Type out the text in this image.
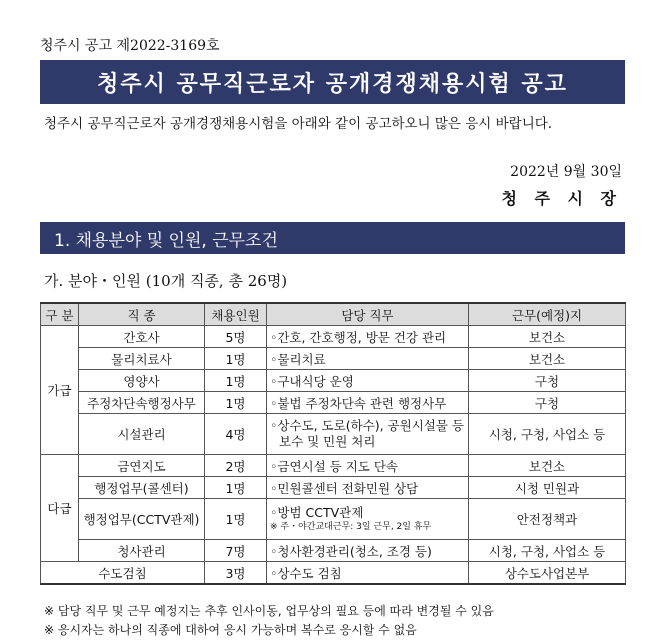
청주시 공고 제2022-3169호
청주시 공무직근로자 공개경쟁채용시험 공고
청주시 공무직근로자 공개경쟁채용시험을 아래와 같이 공고하오니 많은 응시 바랍니다.
2022년 9월 30일
청 주 시 장
1. 채용분야 및 인원, 근무조건
가. 분야・인원 (10개 직종, 총 26명)
구 분	직 종	채용인원	담당 직무	근무(예정)지
가급	간호사	5명	◦간호, 간호행정, 방문 건강 관리	보건소
	물리치료사	1명	◦물리치료	보건소
	영양사	1명	◦구내식당 운영	구청
	주정차단속행정사무	1명	◦불법 주정차단속 관련 행정사무	구청
	시설관리	4명	◦상수도, 도로(하수), 공원시설물 등
보수 및 민원 처리	시청, 구청, 사업소 등
다급	금연지도	2명	◦금연시설 등 지도 단속	보건소
	행정업무(콜센터)	1명	◦민원콜센터 전화민원 상담	시청 민원과
	행정업무(CCTV관제)	1명	◦방범 CCTV관제
※ 주・야간교대근무: 3일 근무, 2일 휴무	안전정책과
	청사관리	7명	◦청사환경관리(청소, 조경 등)	시청, 구청, 사업소 등
수도검침		3명	◦상수도 검침	상수도사업본부
※ 담당 직무 및 근무 예정지는 추후 인사이동, 업무상의 필요 등에 따라 변경될 수 있음
※ 응시자는 하나의 직종에 대하여 응시 가능하며 복수로 응시할 수 없음
